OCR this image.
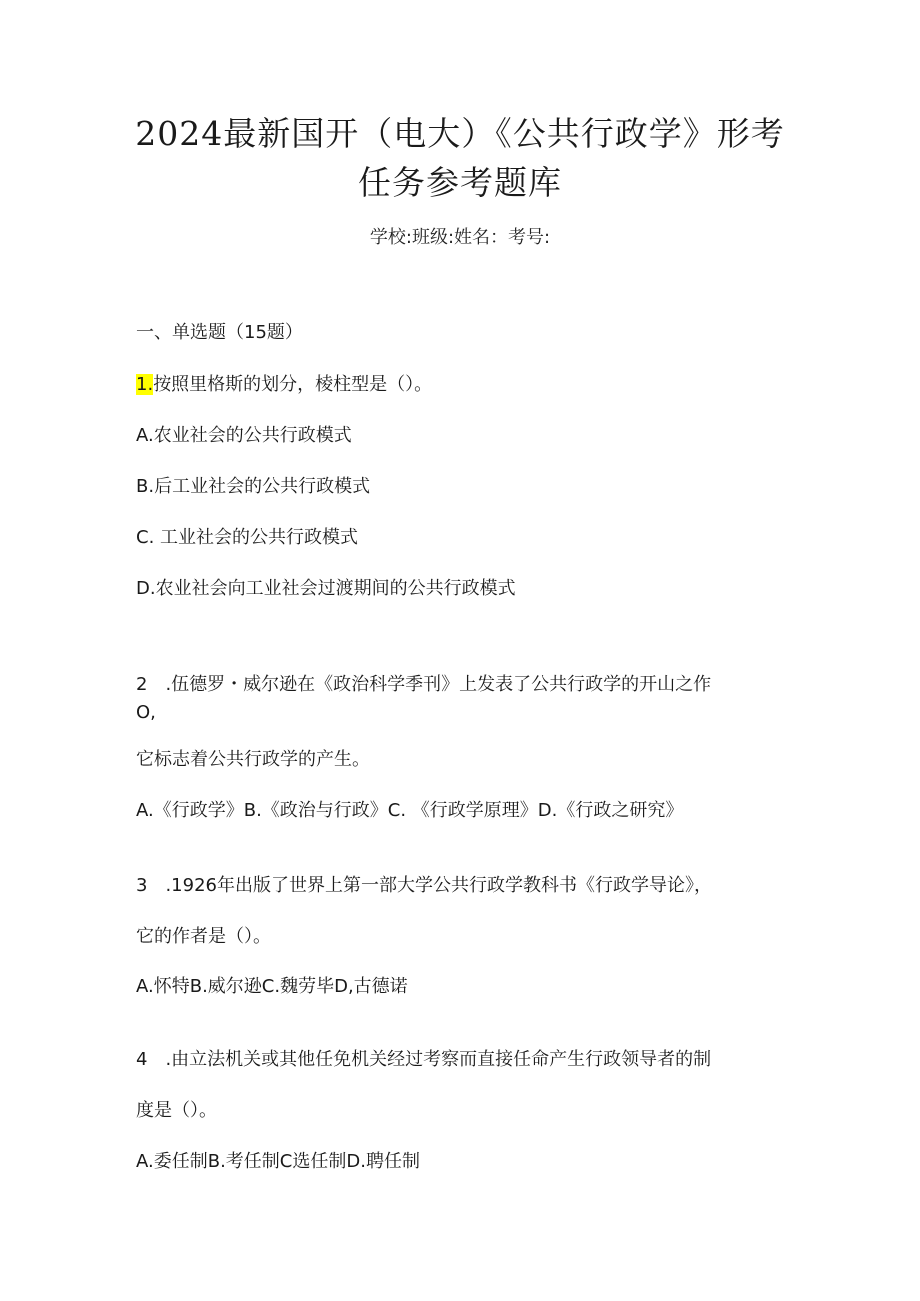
2024最新国开（电大）《公共行政学》形考
任务参考题库
学校:班级:姓名：考号:
一、单选题（15题）
1.按照里格斯的划分，棱柱型是（）。
A.农业社会的公共行政模式
B.后工业社会的公共行政模式
C. 工业社会的公共行政模式
D.农业社会向工业社会过渡期间的公共行政模式
2　.伍德罗・威尔逊在《政治科学季刊》上发表了公共行政学的开山之作
O,
它标志着公共行政学的产生。
A.《行政学》B.《政治与行政》C. 《行政学原理》D.《行政之研究》
3　.1926年出版了世界上第一部大学公共行政学教科书《行政学导论》，
它的作者是（）。
A.怀特B.威尔逊C.魏劳毕D,古德诺
4　.由立法机关或其他任免机关经过考察而直接任命产生行政领导者的制
度是（）。
A.委任制B.考任制C选任制D.聘任制
